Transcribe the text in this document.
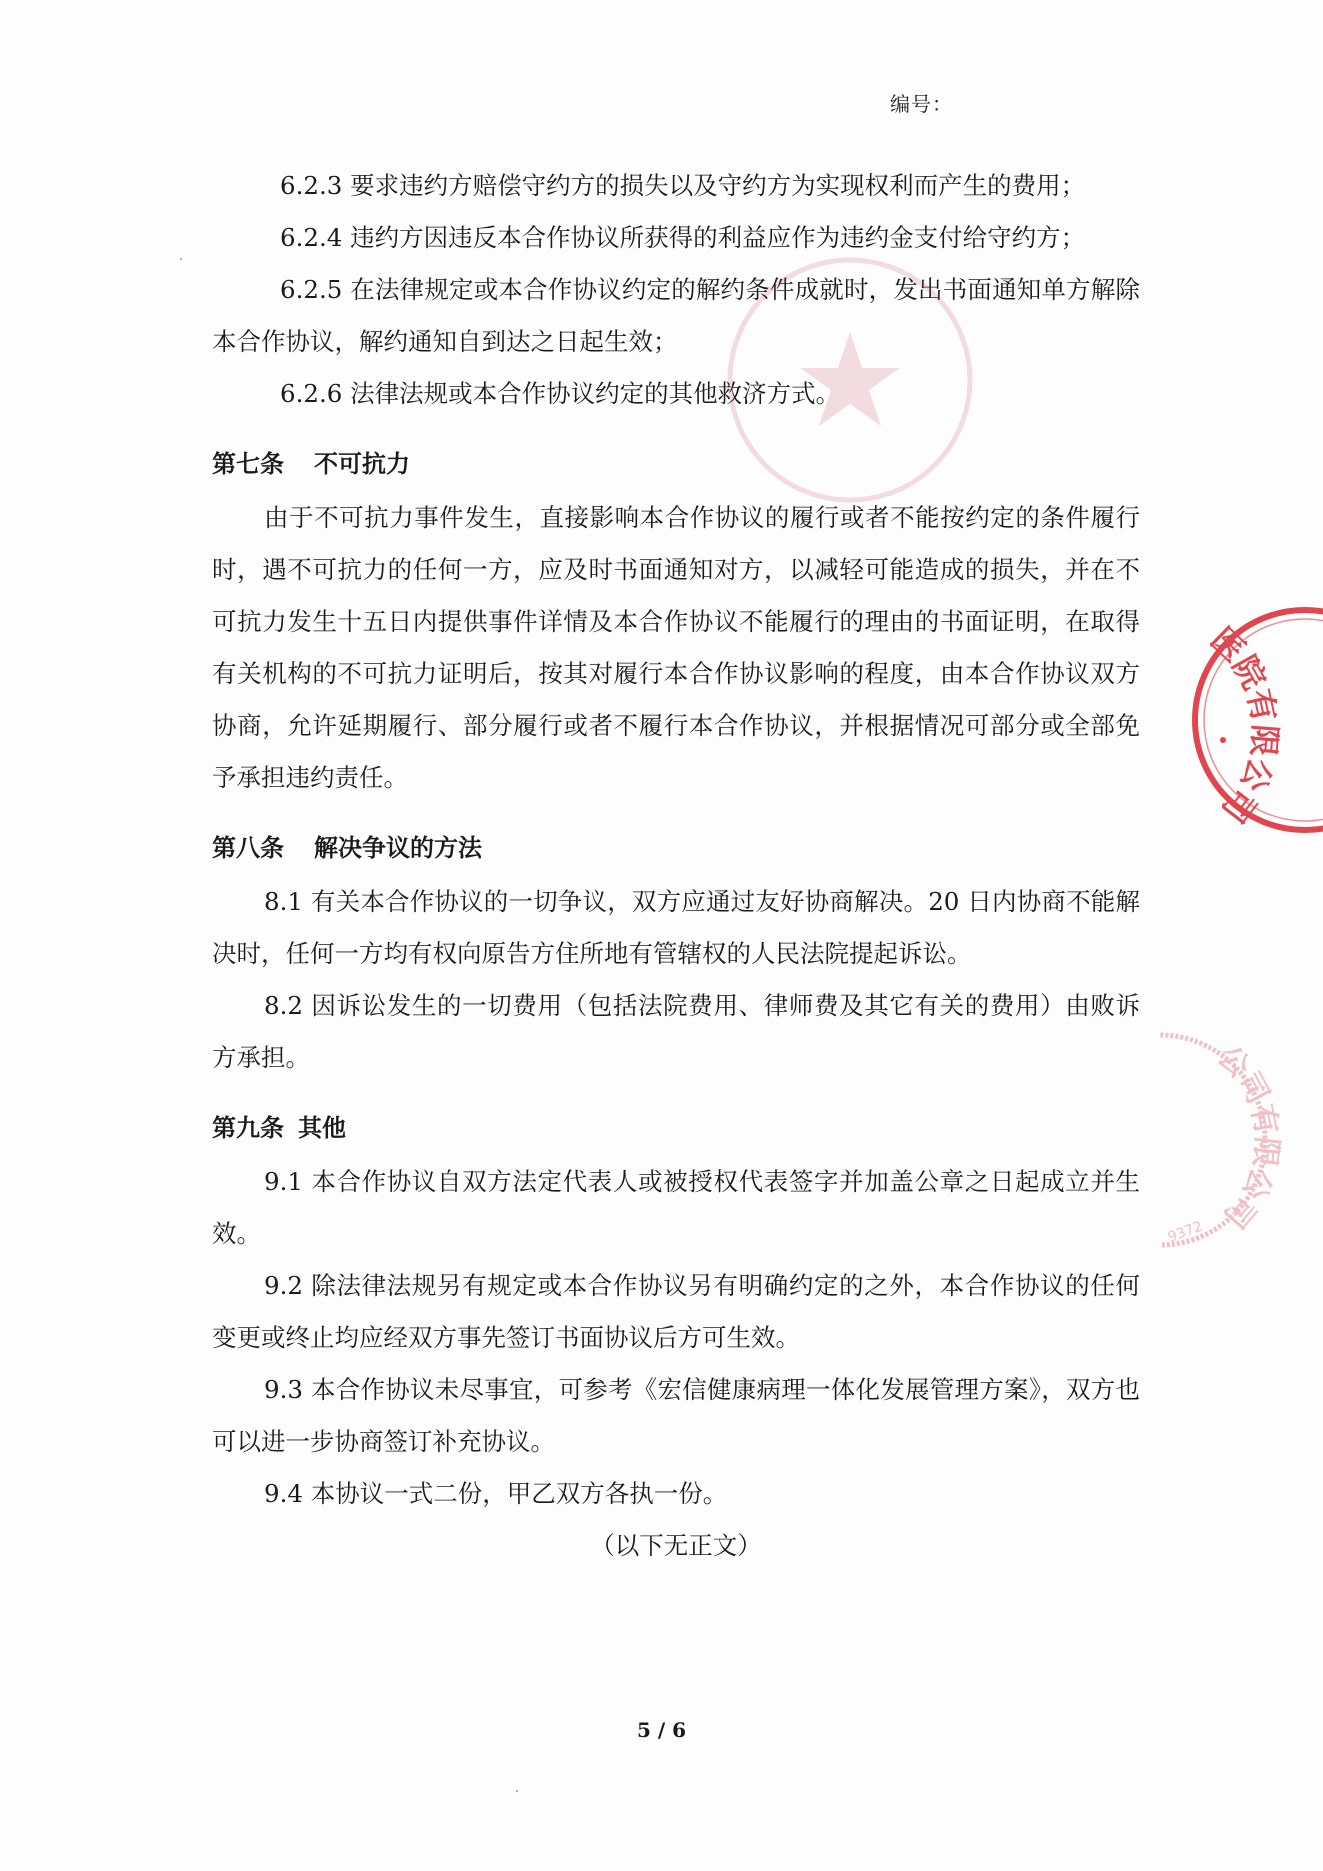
编号：

6.2.3 要求违约方赔偿守约方的损失以及守约方为实现权利而产生的费用；

6.2.4 违约方因违反本合作协议所获得的利益应作为违约金支付给守约方；

6.2.5 在法律规定或本合作协议约定的解约条件成就时，发出书面通知单方解除本合作协议，解约通知自到达之日起生效；

6.2.6 法律法规或本合作协议约定的其他救济方式。

第七条 不可抗力

由于不可抗力事件发生，直接影响本合作协议的履行或者不能按约定的条件履行时，遇不可抗力的任何一方，应及时书面通知对方，以减轻可能造成的损失，并在不可抗力发生十五日内提供事件详情及本合作协议不能履行的理由的书面证明，在取得有关机构的不可抗力证明后，按其对履行本合作协议影响的程度，由本合作协议双方协商，允许延期履行、部分履行或者不履行本合作协议，并根据情况可部分或全部免予承担违约责任。

第八条 解决争议的方法

8.1 有关本合作协议的一切争议，双方应通过友好协商解决。20 日内协商不能解决时，任何一方均有权向原告方住所地有管辖权的人民法院提起诉讼。

8.2 因诉讼发生的一切费用（包括法院费用、律师费及其它有关的费用）由败诉方承担。

第九条 其他

9.1 本合作协议自双方法定代表人或被授权代表签字并加盖公章之日起成立并生效。

9.2 除法律法规另有规定或本合作协议另有明确约定的之外，本合作协议的任何变更或终止均应经双方事先签订书面协议后方可生效。

9.3 本合作协议未尽事宜，可参考《宏信健康病理一体化发展管理方案》，双方也可以进一步协商签订补充协议。

9.4 本协议一式二份，甲乙双方各执一份。

（以下无正文）

5 / 6
医院有限公司
公司有限公司
9372
